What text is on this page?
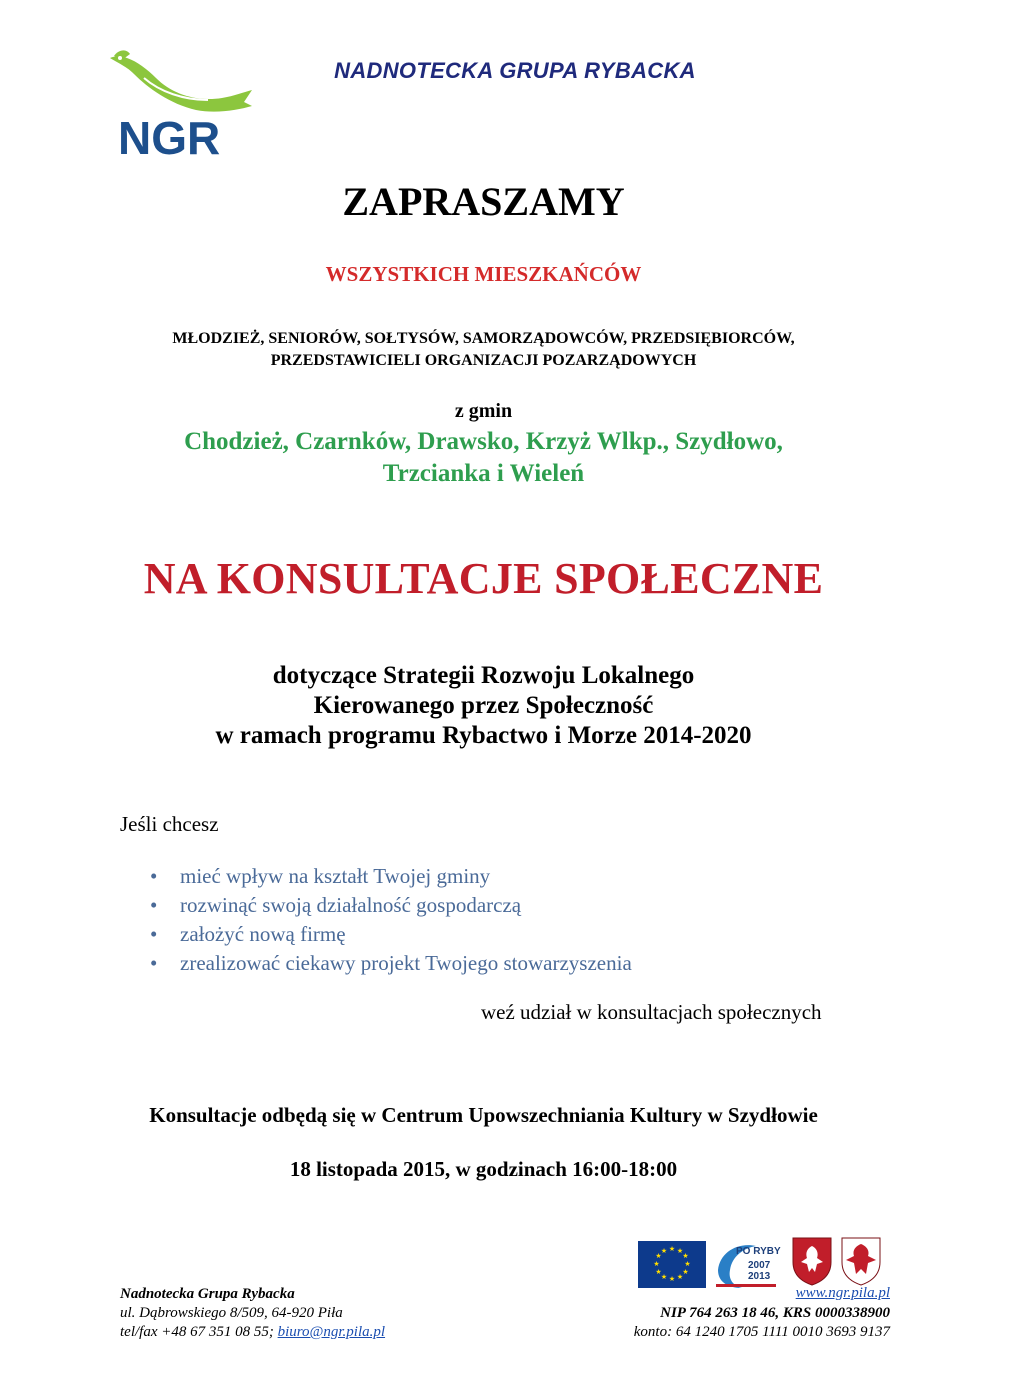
NGR
NADNOTECKA GRUPA RYBACKA
ZAPRASZAMY
WSZYSTKICH MIESZKAŃCÓW
MŁODZIEŻ, SENIORÓW, SOŁTYSÓW, SAMORZĄDOWCÓW, PRZEDSIĘBIORCÓW,
PRZEDSTAWICIELI ORGANIZACJI POZARZĄDOWYCH
z gmin
Chodzież, Czarnków, Drawsko, Krzyż Wlkp., Szydłowo,
Trzcianka i Wieleń
NA KONSULTACJE SPOŁECZNE
dotyczące Strategii Rozwoju Lokalnego
Kierowanego przez Społeczność
w ramach programu Rybactwo i Morze 2014-2020
Jeśli chcesz
• mieć wpływ na kształt Twojej gminy
• rozwinąć swoją działalność gospodarczą
• założyć nową firmę
• zrealizować ciekawy projekt Twojego stowarzyszenia
weź udział w konsultacjach społecznych
Konsultacje odbędą się w Centrum Upowszechniania Kultury w Szydłowie
18 listopada 2015, w godzinach 16:00-18:00
★ ★
★
★
★
★
★
★
★
★
★
★	PO RYBY
2007
2013
www.ngr.pila.pl
Nadnotecka Grupa Rybacka
ul. Dąbrowskiego 8/509, 64-920 Piła
tel/fax +48 67 351 08 55; biuro@ngr.pila.pl
NIP 764 263 18 46, KRS 0000338900
konto: 64 1240 1705 1111 0010 3693 9137
